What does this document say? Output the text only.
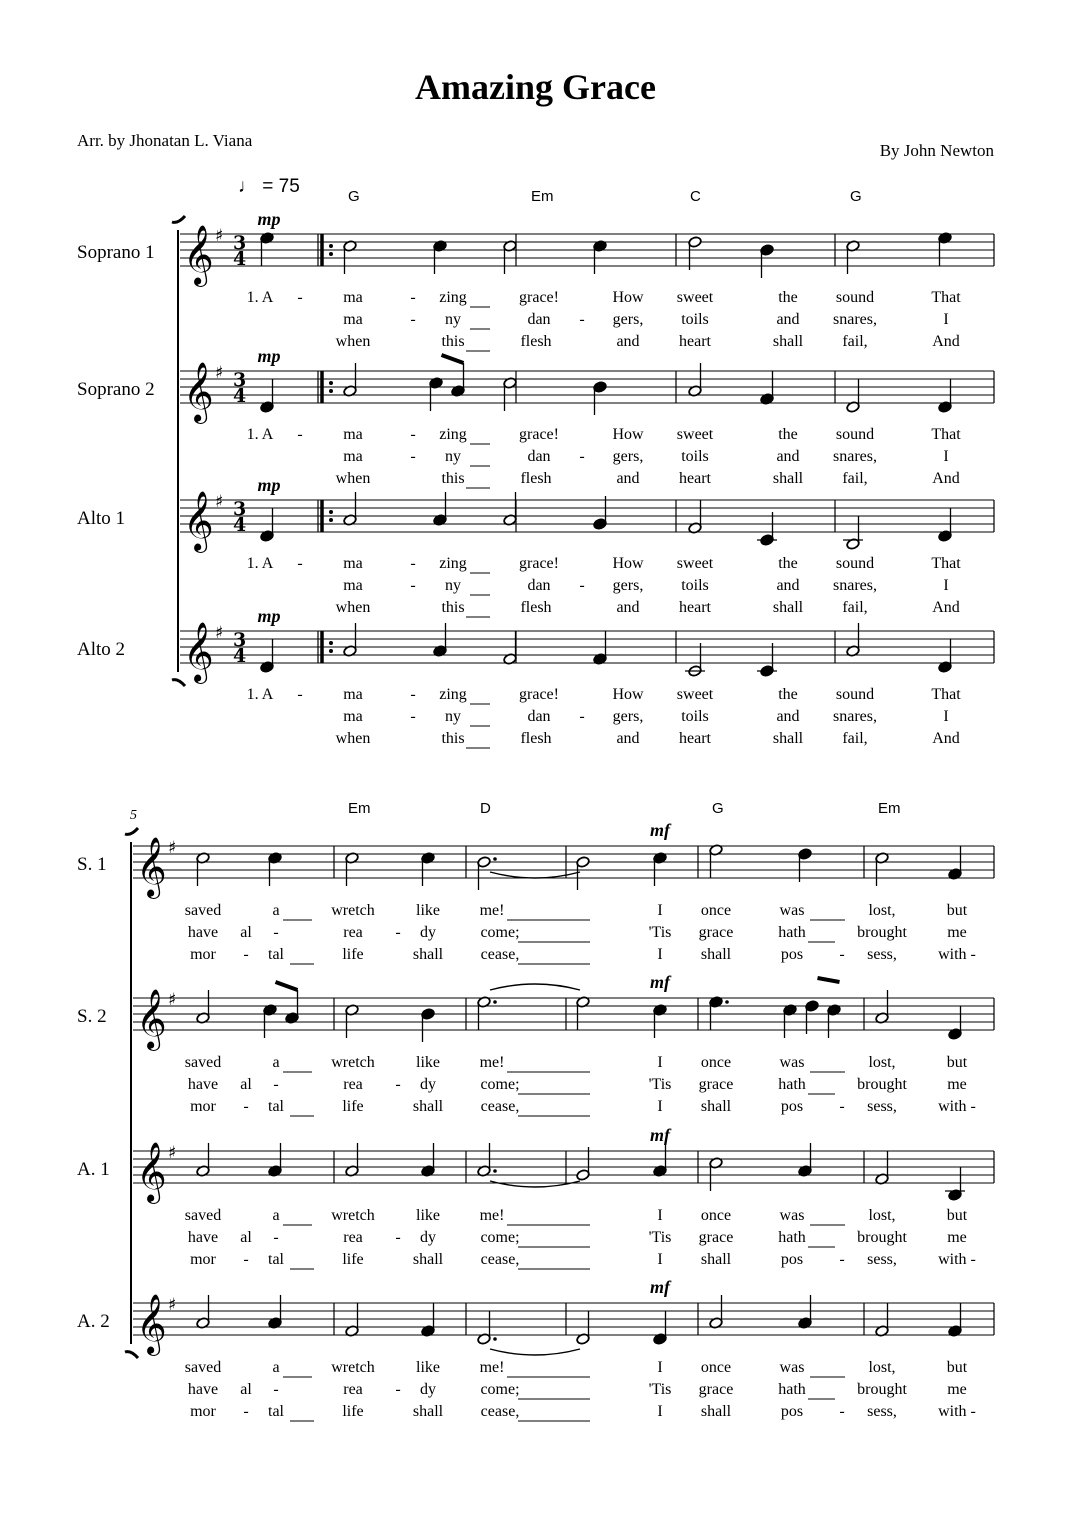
Amazing Grace
Arr. by Jhonatan L. Viana
By John Newton
♩ = 75
𝄞 ♯ 3
4
𝄞 ♯ 3
4
𝄞 ♯ 3
4
𝄞 ♯ 3
4
𝄞 ♯
𝄞 ♯
𝄞 ♯
𝄞 ♯
mp
Soprano 1
mp
Soprano 2
mp
Alto 1
mp
Alto 2
G	Em	C	G
1. A -	ma	- zing	grace!	How sweet	the sound	That
ma	- ny	dan - gers, toils	and snares,	I
when	this	flesh	and heart	shall fail,	And
1. A -	ma	- zing	grace!	How sweet	the sound	That
ma	- ny	dan - gers, toils	and snares,	I
when	this	flesh	and heart	shall fail,	And
1. A -	ma	- zing	grace!	How sweet	the sound	That
ma	- ny	dan - gers, toils	and snares,	I
when	this	flesh	and heart	shall fail,	And
1. A -	ma	- zing	grace!	How sweet	the sound	That
ma	- ny	dan - gers, toils	and snares,	I
when	this	flesh	and heart	shall fail,	And
mf
S. 1
mf
S. 2
mf
A. 1
mf
A. 2
5	Em	D	G	Em
saved	a	wretch	like me!	I once	was	lost,	but
have al -	rea - dy	come;	'Tis grace	hath	brought	me
mor - tal	life	shall cease,	I shall	pos - sess,	with -
saved	a	wretch	like me!	I once	was	lost,	but
have al -	rea - dy	come;	'Tis grace	hath	brought	me
mor - tal	life	shall cease,	I shall	pos - sess,	with -
saved	a	wretch	like me!	I once	was	lost,	but
have al -	rea - dy	come;	'Tis grace	hath	brought	me
mor - tal	life	shall cease,	I shall	pos - sess,	with -
saved	a	wretch	like me!	I once	was	lost,	but
have al -	rea - dy	come;	'Tis grace	hath	brought	me
mor - tal	life	shall cease,	I shall	pos - sess,	with -
